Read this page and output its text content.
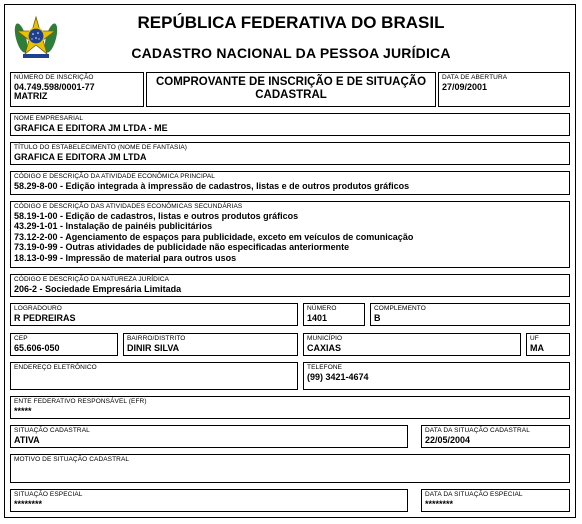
REPÚBLICA FEDERATIVA DO BRASIL
CADASTRO NACIONAL DA PESSOA JURÍDICA
NÚMERO DE INSCRIÇÃO
04.749.598/0001-77
MATRIZ
COMPROVANTE DE INSCRIÇÃO E DE SITUAÇÃO
CADASTRAL
DATA DE ABERTURA
27/09/2001
NOME EMPRESARIAL
GRAFICA E EDITORA JM LTDA - ME
TÍTULO DO ESTABELECIMENTO (NOME DE FANTASIA)
GRAFICA E EDITORA JM LTDA
CÓDIGO E DESCRIÇÃO DA ATIVIDADE ECONÔMICA PRINCIPAL
58.29-8-00 - Edição integrada à impressão de cadastros, listas e de outros produtos gráficos
CÓDIGO E DESCRIÇÃO DAS ATIVIDADES ECONÔMICAS SECUNDÁRIAS
58.19-1-00 - Edição de cadastros, listas e outros produtos gráficos
43.29-1-01 - Instalação de painéis publicitários
73.12-2-00 - Agenciamento de espaços para publicidade, exceto em veículos de comunicação
73.19-0-99 - Outras atividades de publicidade não especificadas anteriormente
18.13-0-99 - Impressão de material para outros usos
CÓDIGO E DESCRIÇÃO DA NATUREZA JURÍDICA
206-2 - Sociedade Empresária Limitada
LOGRADOURO
R PEDREIRAS
NÚMERO
1401
COMPLEMENTO
B
CEP
65.606-050
BAIRRO/DISTRITO
DINIR SILVA
MUNICÍPIO
CAXIAS
UF
MA
ENDEREÇO ELETRÔNICO	TELEFONE
(99) 3421-4674
ENTE FEDERATIVO RESPONSÁVEL (EFR)
*****
SITUAÇÃO CADASTRAL
ATIVA
DATA DA SITUAÇÃO CADASTRAL
22/05/2004
MOTIVO DE SITUAÇÃO CADASTRAL
SITUAÇÃO ESPECIAL
********
DATA DA SITUAÇÃO ESPECIAL
********
